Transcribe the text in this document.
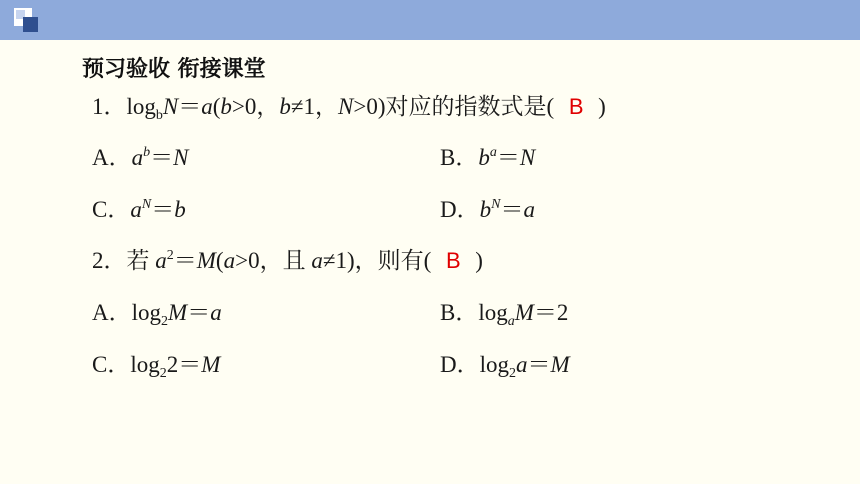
预习验收 衔接课堂
1．$\log_bN=a(b>0$，b≠1，N>0)对应的指数式是( B )
A．$a^b=N$	B．$b^a=N$
C．$a^N=b$	D．$b^N=a$
2．若 $a^2=M(a>0$，且 a≠1)，则有( B )
A．$\log_2M=a$	B．$\log_aM=2$
C．$\log_22=M$	D．$\log_2a=M$
